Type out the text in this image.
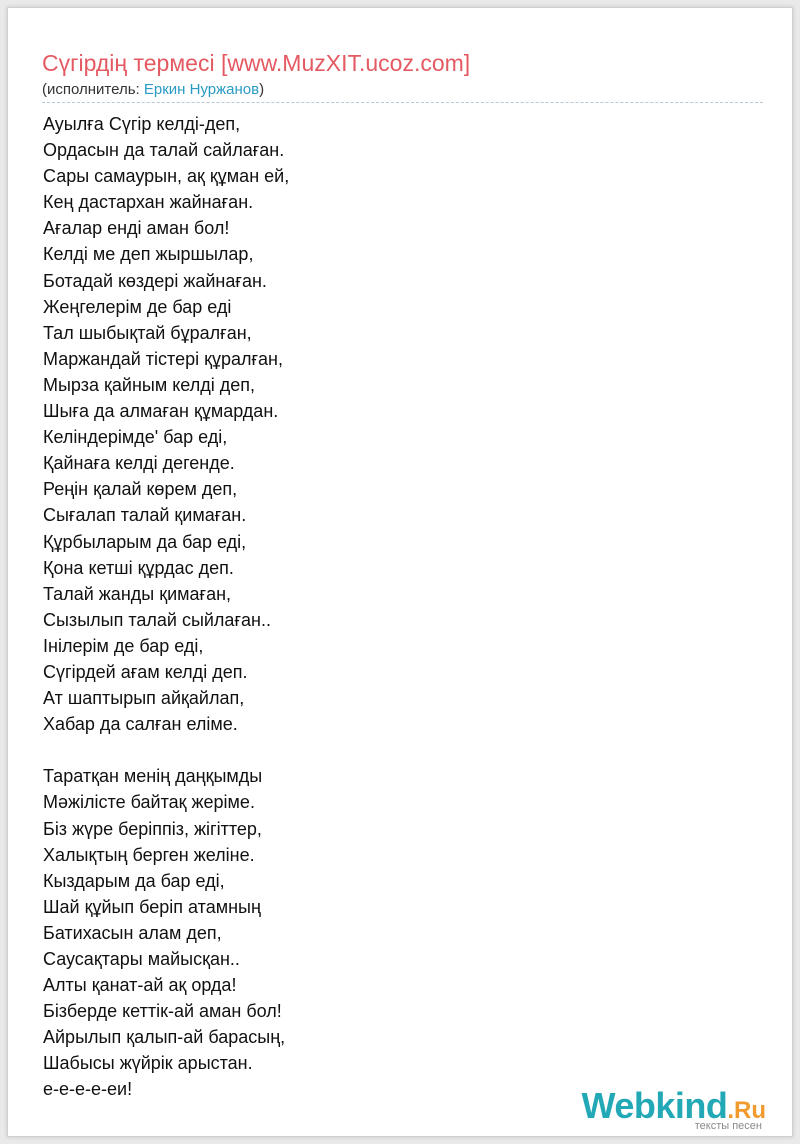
Сүгірдің термесі [www.MuzXIT.ucoz.com]
(исполнитель: Еркин Нуржанов)
Ауылға Сүгір келді-деп,
Ордасын да талай сайлаған.
Сары самаурын, ақ құман ей,
Кең дастархан жайнаған.
Ағалар енді аман бол!
Келді ме деп жыршылар,
Ботадай көздері жайнаған.
Жеңгелерім де бар еді
Тал шыбықтай бұралған,
Маржандай тістері құралған,
Мырза қайным келді деп,
Шыға да алмаған құмардан.
Келіндерімде' бар еді,
Қайнаға келді дегенде.
Реңін қалай көрем деп,
Сығалап талай қимаған.
Құрбыларым да бар еді,
Қона кетші құрдас деп.
Талай жанды қимаған,
Сызылып талай сыйлаған..
Інілерім де бар еді,
Сүгірдей ағам келді деп.
Ат шаптырып айқайлап,
Хабар да салған еліме.
Таратқан менің даңқымды
Мәжілісте байтақ жеріме.
Біз жүре беріппіз, жігіттер,
Халықтың берген желіне.
Кыздарым да бар еді,
Шай құйып беріп атамның
Батихасын алам деп,
Саусақтары майысқан..
Алты қанат-ай ақ орда!
Бізберде кеттік-ай аман бол!
Айрылып қалып-ай барасың,
Шабысы жүйрік арыстан.
е-е-е-е-еи!	Webkind.Ru
тексты песен
